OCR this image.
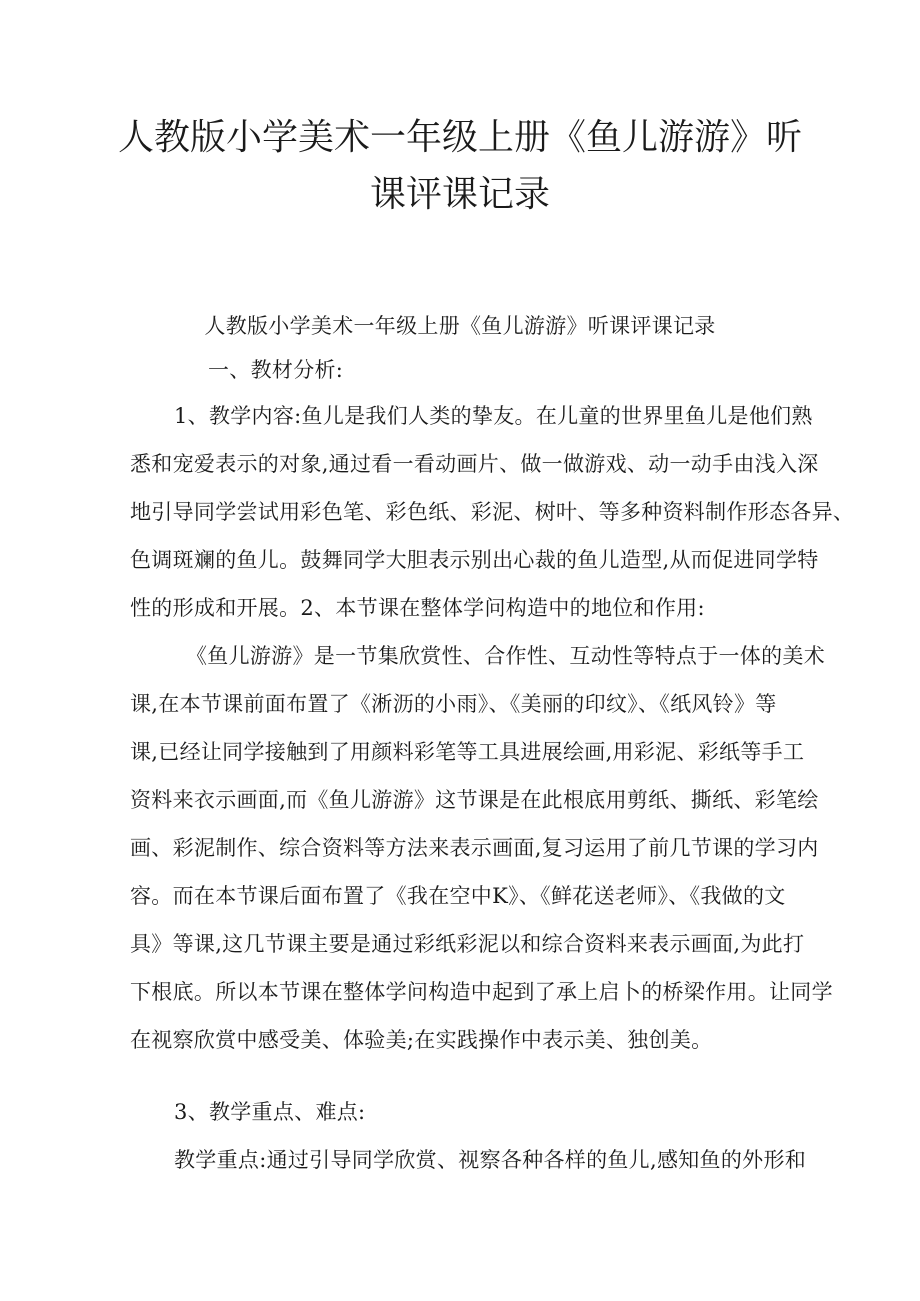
人教版小学美术一年级上册《鱼儿游游》听
课评课记录

人教版小学美术一年级上册《鱼儿游游》听课评课记录

一、教材分析:

1、教学内容:鱼儿是我们人类的挚友。在儿童的世界里鱼儿是他们熟
悉和宠爱表示的对象,通过看一看动画片、做一做游戏、动一动手由浅入深
地引导同学尝试用彩色笔、彩色纸、彩泥、树叶、等多种资料制作形态各异、
色调斑斓的鱼儿。鼓舞同学大胆表示别出心裁的鱼儿造型,从而促进同学特
性的形成和开展。2、本节课在整体学问构造中的地位和作用:
《鱼儿游游》是一节集欣赏性、合作性、互动性等特点于一体的美术
课,在本节课前面布置了《淅沥的小雨》、《美丽的印纹》、《纸风铃》等
课,已经让同学接触到了用颜料彩笔等工具进展绘画,用彩泥、彩纸等手工
资料来衣示画面,而《鱼儿游游》这节课是在此根底用剪纸、撕纸、彩笔绘
画、彩泥制作、综合资料等方法来表示画面,复习运用了前几节课的学习内
容。而在本节课后面布置了《我在空中K》、《鲜花送老师》、《我做的文
具》等课,这几节课主要是通过彩纸彩泥以和综合资料来表示画面,为此打
下根底。所以本节课在整体学问构造中起到了承上启卜的桥梁作用。让同学
在视察欣赏中感受美、体验美;在实践操作中表示美、独创美。

3、教学重点、难点:

教学重点:通过引导同学欣赏、视察各种各样的鱼儿,感知鱼的外形和
